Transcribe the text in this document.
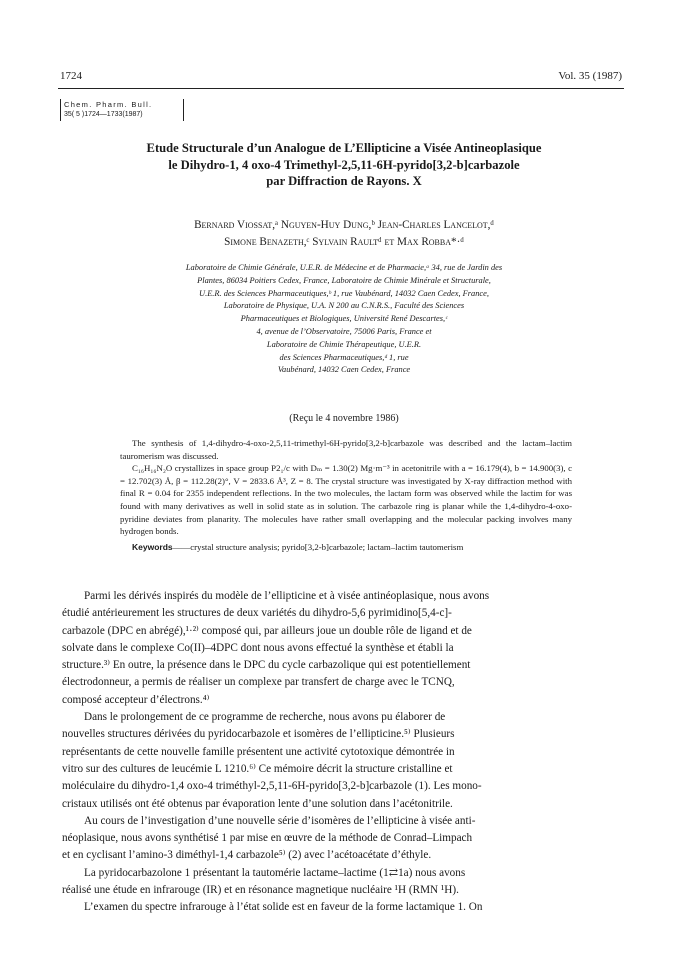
1724	Vol. 35 (1987)
Chem. Pharm. Bull.
35( 5 )1724—1733(1987)
Etude Structurale d’un Analogue de L’Ellipticine a Visée Antineoplasique
le Dihydro-1, 4 oxo-4 Trimethyl-2,5,11-6H-pyrido[3,2-b]carbazole
par Diffraction de Rayons. X
Bernard Viossat,ᵃ Nguyen-Huy Dung,ᵇ Jean-Charles Lancelot,ᵈ
Simone Benazeth,ᶜ Sylvain Raultᵈ et Max Robba*·ᵈ
Laboratoire de Chimie Générale, U.E.R. de Médecine et de Pharmacie,ᵃ 34, rue de Jardin des
Plantes, 86034 Poitiers Cedex, France, Laboratoire de Chimie Minérale et Structurale,
U.E.R. des Sciences Pharmaceutiques,ᵇ 1, rue Vaubénard, 14032 Caen Cedex, France,
Laboratoire de Physique, U.A. N 200 au C.N.R.S., Faculté des Sciences
Pharmaceutiques et Biologiques, Université René Descartes,ᶜ
4, avenue de l’Observatoire, 75006 Paris, France et
Laboratoire de Chimie Thérapeutique, U.E.R.
des Sciences Pharmaceutiques,ᵈ 1, rue
Vaubénard, 14032 Caen Cedex, France
(Reçu le 4 novembre 1986)

The synthesis of 1,4-dihydro-4-oxo-2,5,11-trimethyl-6H-pyrido[3,2-b]carbazole was described and the lactam–lactim tauromerism was discussed.

C₁₆H₁₆N₂O crystallizes in space group P2₁/c with Dₘ = 1.30(2) Mg·m⁻³ in acetonitrile with a = 16.179(4), b = 14.900(3), c = 12.702(3) Å, β = 112.28(2)°, V = 2833.6 Å³, Z = 8. The crystal structure was investigated by X-ray diffraction method with final R = 0.04 for 2355 independent reflections. In the two molecules, the lactam form was observed while the lactim for was found with many derivatives as well in solid state as in solution. The carbazole ring is planar while the 1,4-dihydro-4-oxo-pyridine deviates from planarity. The molecules have rather small overlapping and the molecular packing involves many hydrogen bonds.

Keywords——crystal structure analysis; pyrido[3,2-b]carbazole; lactam–lactim tautomerism

Parmi les dérivés inspirés du modèle de l’ellipticine et à visée antinéoplasique, nous avons
étudié antérieurement les structures de deux variétés du dihydro-5,6 pyrimidino[5,4-c]-
carbazole (DPC en abrégé),¹·²⁾ composé qui, par ailleurs joue un double rôle de ligand et de
solvate dans le complexe Co(II)–4DPC dont nous avons effectué la synthèse et établi la
structure.³⁾ En outre, la présence dans le DPC du cycle carbazolique qui est potentiellement
électrodonneur, a permis de réaliser un complexe par transfert de charge avec le TCNQ,
composé accepteur d’électrons.⁴⁾

Dans le prolongement de ce programme de recherche, nous avons pu élaborer de
nouvelles structures dérivées du pyridocarbazole et isomères de l’ellipticine.⁵⁾ Plusieurs
représentants de cette nouvelle famille présentent une activité cytotoxique démontrée in
vitro sur des cultures de leucémie L 1210.⁶⁾ Ce mémoire décrit la structure cristalline et
moléculaire du dihydro-1,4 oxo-4 triméthyl-2,5,11-6H-pyrido[3,2-b]carbazole (1). Les mono-
cristaux utilisés ont été obtenus par évaporation lente d’une solution dans l’acétonitrile.

Au cours de l’investigation d’une nouvelle série d’isomères de l’ellipticine à visée anti-
néoplasique, nous avons synthétisé 1 par mise en œuvre de la méthode de Conrad–Limpach
et en cyclisant l’amino-3 diméthyl-1,4 carbazole⁵⁾ (2) avec l’acétoacétate d’éthyle.

La pyridocarbazolone 1 présentant la tautomérie lactame–lactime (1⇄1a) nous avons
réalisé une étude en infrarouge (IR) et en résonance magnetique nucléaire ¹H (RMN ¹H).

L’examen du spectre infrarouge à l’état solide est en faveur de la forme lactamique 1. On
